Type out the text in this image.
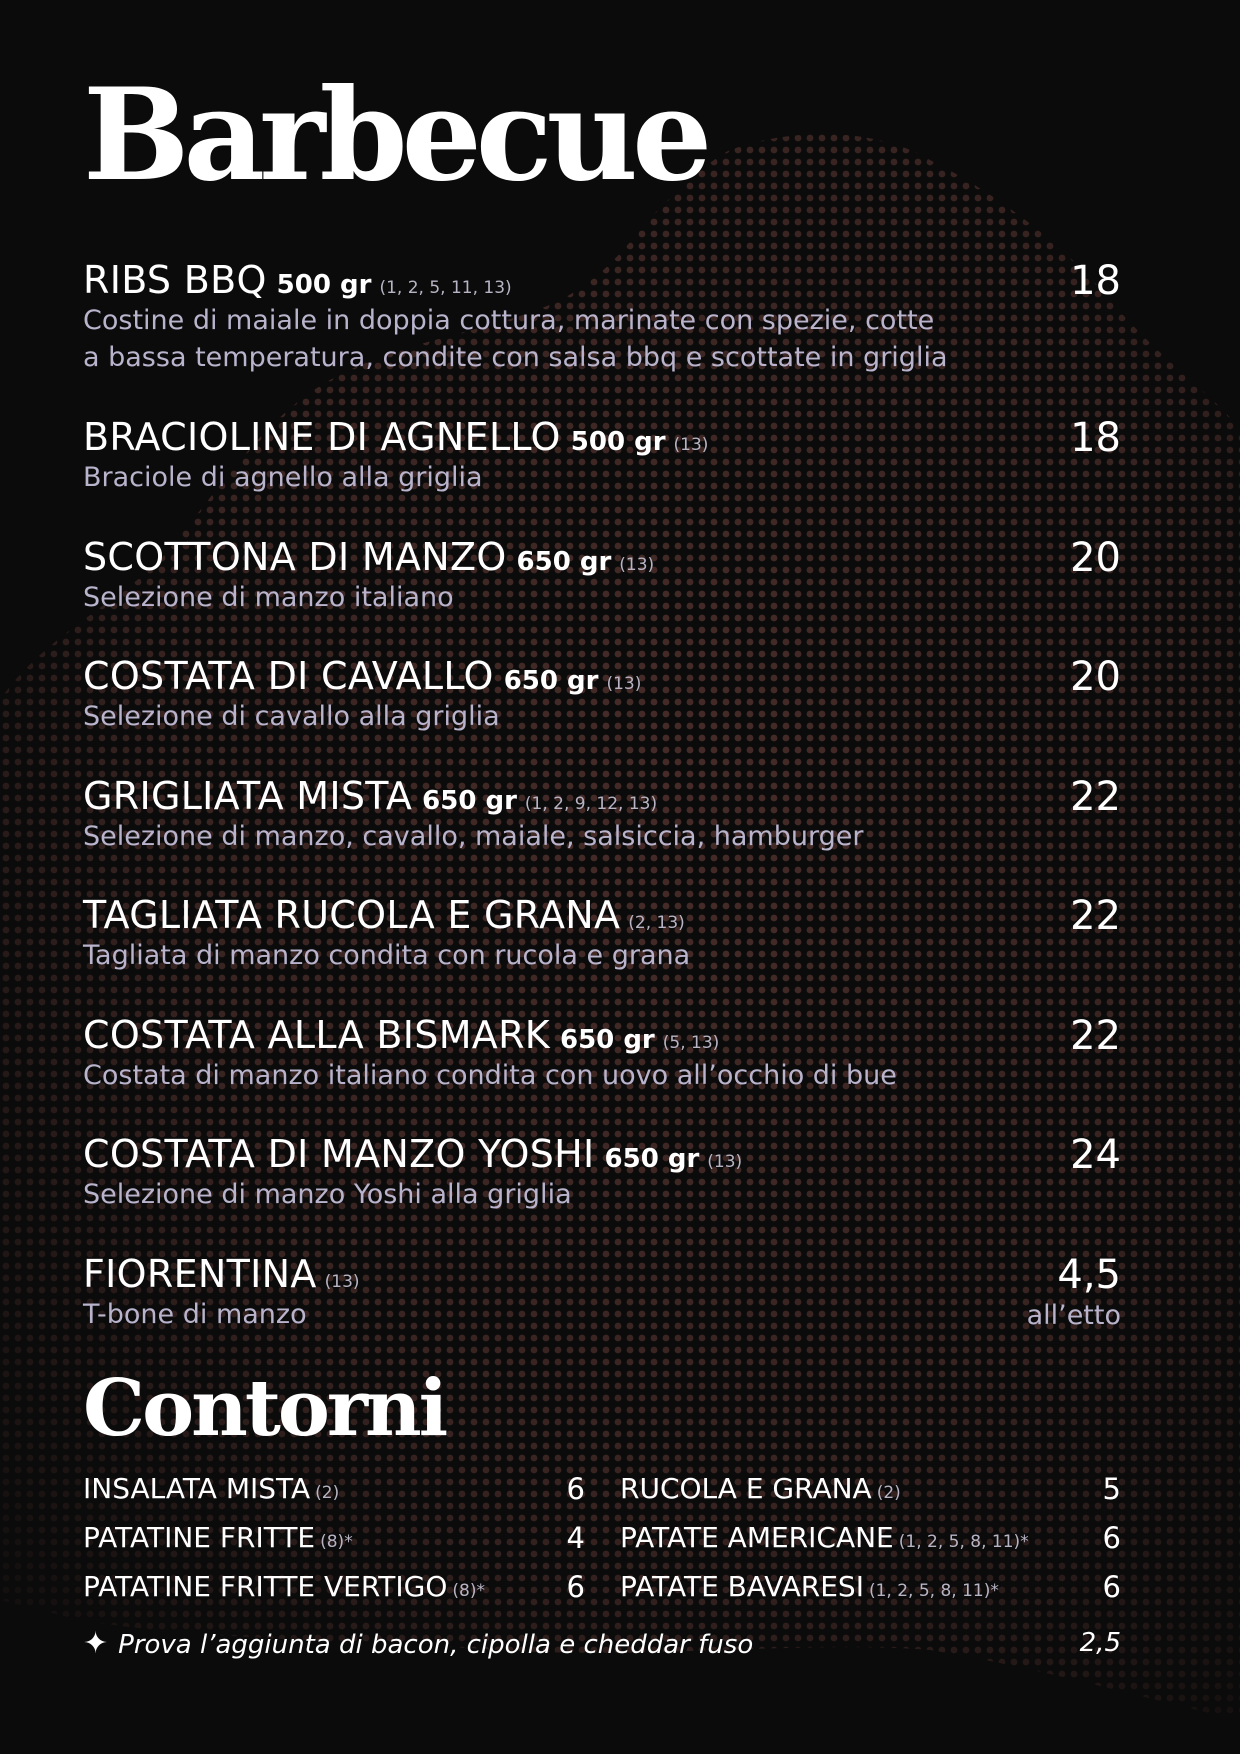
Barbecue
RIBS BBQ 500 gr (1, 2, 5, 11, 13)	18
Costine di maiale in doppia cottura, marinate con spezie, cotte
a bassa temperatura, condite con salsa bbq e scottate in griglia
BRACIOLINE DI AGNELLO 500 gr (13)	18
Braciole di agnello alla griglia
SCOTTONA DI MANZO 650 gr (13)	20
Selezione di manzo italiano
COSTATA DI CAVALLO 650 gr (13)	20
Selezione di cavallo alla griglia
GRIGLIATA MISTA 650 gr (1, 2, 9, 12, 13)	22
Selezione di manzo, cavallo, maiale, salsiccia, hamburger
TAGLIATA RUCOLA E GRANA (2, 13)	22
Tagliata di manzo condita con rucola e grana
COSTATA ALLA BISMARK 650 gr (5, 13)	22
Costata di manzo italiano condita con uovo all’occhio di bue
COSTATA DI MANZO YOSHI 650 gr (13)	24
Selezione di manzo Yoshi alla griglia
FIORENTINA (13)	4,5
T-bone di manzo	all’etto
Contorni
INSALATA MISTA (2)	6
PATATINE FRITTE (8)*	4
PATATINE FRITTE VERTIGO (8)*	6
RUCOLA E GRANA (2)	5
PATATE AMERICANE (1, 2, 5, 8, 11)*	6
PATATE BAVARESI (1, 2, 5, 8, 11)*	6
✦ Prova l’aggiunta di bacon, cipolla e cheddar fuso	2,5
